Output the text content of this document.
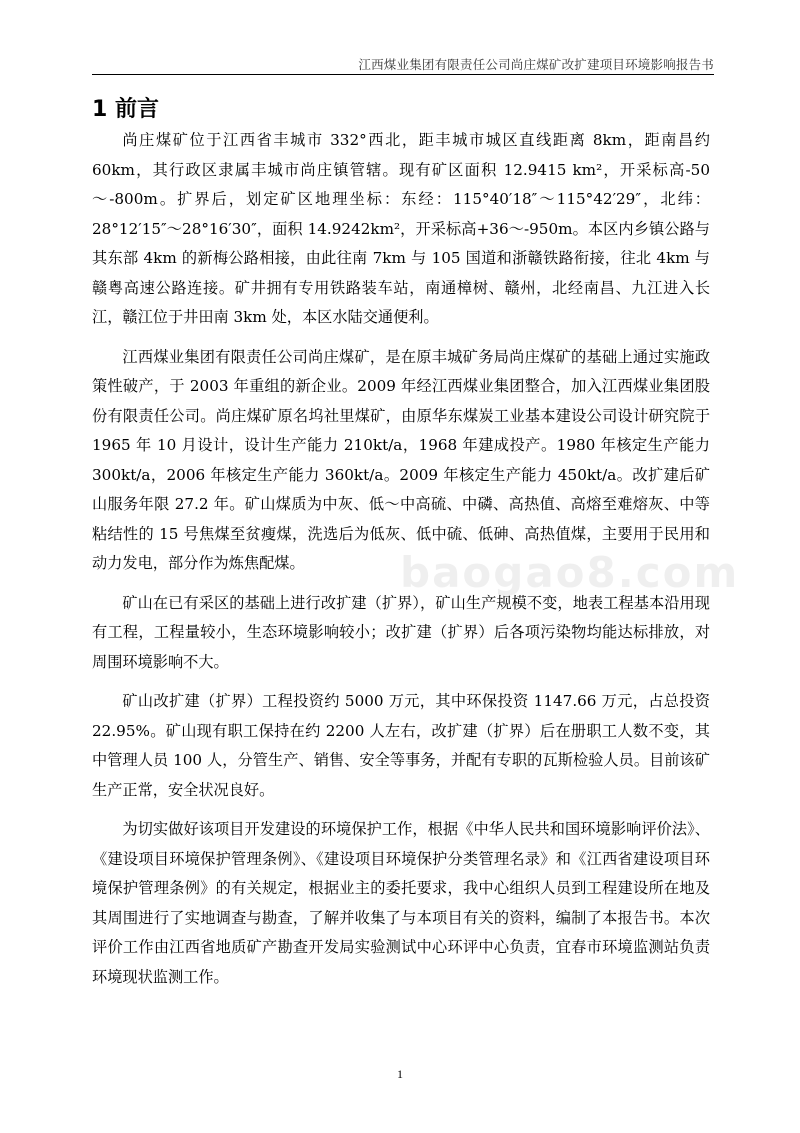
江西煤业集团有限责任公司尚庄煤矿改扩建项目环境影响报告书
1 前言

尚庄煤矿位于江西省丰城市 332°西北，距丰城市城区直线距离 8km，距南昌约 60km，其行政区隶属丰城市尚庄镇管辖。现有矿区面积 12.9415 km²，开采标高-50～-800m。扩界后，划定矿区地理坐标：东经：115°40′18″～115°42′29″，北纬：28°12′15″～28°16′30″，面积 14.9242km²，开采标高+36～-950m。本区内乡镇公路与其东部 4km 的新梅公路相接，由此往南 7km 与 105 国道和浙赣铁路衔接，往北 4km 与赣粤高速公路连接。矿井拥有专用铁路装车站，南通樟树、赣州，北经南昌、九江进入长江，赣江位于井田南 3km 处，本区水陆交通便利。

江西煤业集团有限责任公司尚庄煤矿，是在原丰城矿务局尚庄煤矿的基础上通过实施政策性破产，于 2003 年重组的新企业。2009 年经江西煤业集团整合，加入江西煤业集团股份有限责任公司。尚庄煤矿原名坞社里煤矿，由原华东煤炭工业基本建设公司设计研究院于 1965 年 10 月设计，设计生产能力 210kt/a，1968 年建成投产。1980 年核定生产能力 300kt/a，2006 年核定生产能力 360kt/a。2009 年核定生产能力 450kt/a。改扩建后矿山服务年限 27.2 年。矿山煤质为中灰、低～中高硫、中磷、高热值、高熔至难熔灰、中等粘结性的 15 号焦煤至贫瘦煤，洗选后为低灰、低中硫、低砷、高热值煤，主要用于民用和动力发电，部分作为炼焦配煤。

矿山在已有采区的基础上进行改扩建（扩界），矿山生产规模不变，地表工程基本沿用现有工程，工程量较小，生态环境影响较小；改扩建（扩界）后各项污染物均能达标排放，对周围环境影响不大。

矿山改扩建（扩界）工程投资约 5000 万元，其中环保投资 1147.66 万元，占总投资 22.95%。矿山现有职工保持在约 2200 人左右，改扩建（扩界）后在册职工人数不变，其中管理人员 100 人，分管生产、销售、安全等事务，并配有专职的瓦斯检验人员。目前该矿生产正常，安全状况良好。

为切实做好该项目开发建设的环境保护工作，根据《中华人民共和国环境影响评价法》、《建设项目环境保护管理条例》、《建设项目环境保护分类管理名录》和《江西省建设项目环境保护管理条例》的有关规定，根据业主的委托要求，我中心组织人员到工程建设所在地及其周围进行了实地调查与勘查，了解并收集了与本项目有关的资料，编制了本报告书。本次评价工作由江西省地质矿产勘查开发局实验测试中心环评中心负责，宜春市环境监测站负责环境现状监测工作。

baogao8.com
1
